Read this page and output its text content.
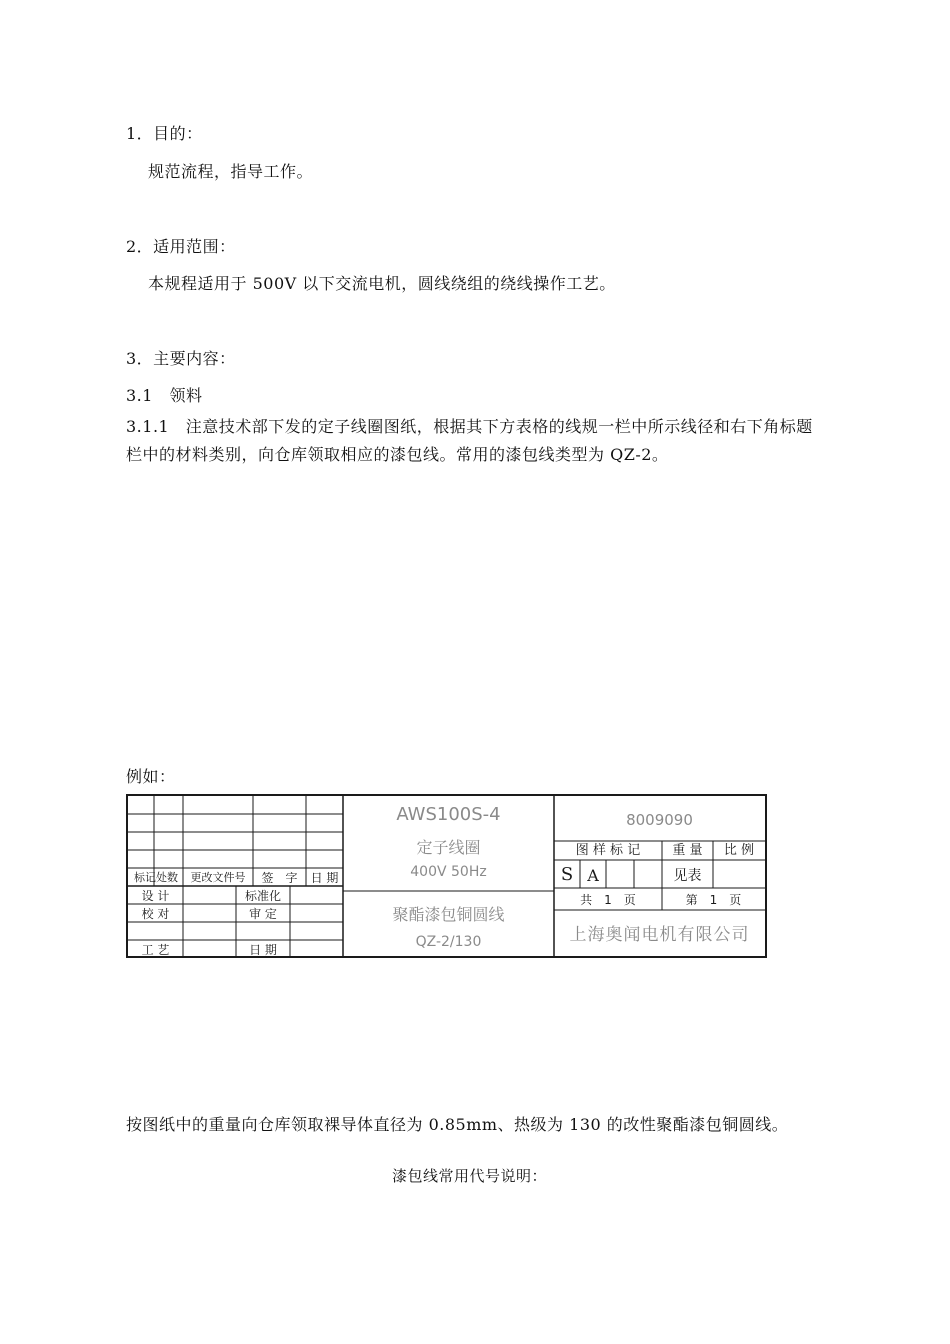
1．目的：
规范流程，指导工作。
2．适用范围：
本规程适用于 500V 以下交流电机，圆线绕组的绕线操作工艺。
3．主要内容：
3.1　领料
3.1.1　注意技术部下发的定子线圈图纸，根据其下方表格的线规一栏中所示线径和右下角标题栏中的材料类别，向仓库领取相应的漆包线。常用的漆包线类型为 QZ-2。
例如：
标记处数	更改文件号	签　字	日 期
设 计	标准化
校 对	审 定
工 艺	日 期
AWS100S-4
定子线圈
400V 50Hz
聚酯漆包铜圆线
QZ-2/130
8009090
图 样 标 记	重 量	比 例
S A	见表
共　1　页	第　1　页
上海奥闻电机有限公司
按图纸中的重量向仓库领取裸导体直径为 0.85mm、热级为 130 的改性聚酯漆包铜圆线。
漆包线常用代号说明：
